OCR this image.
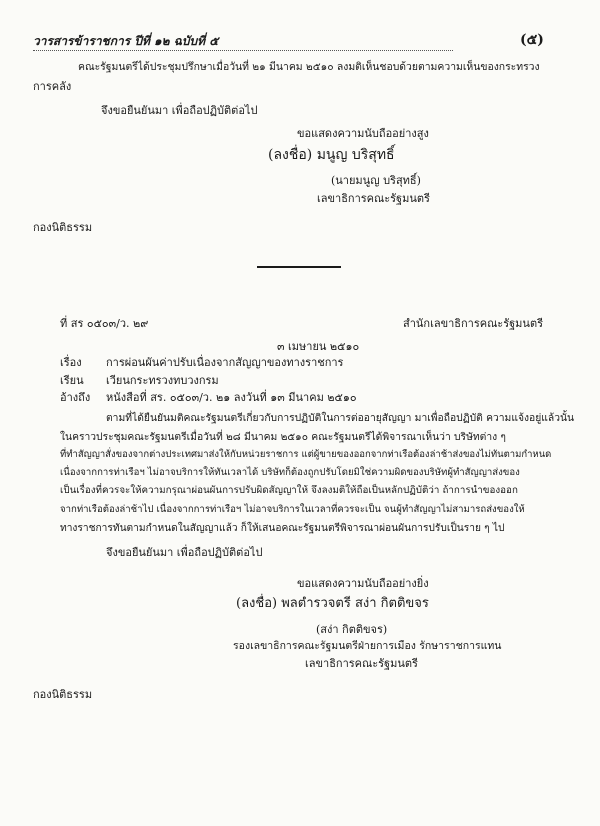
วารสารข้าราชการ ปีที่ ๑๒ ฉบับที่ ๕	(๕)
คณะรัฐมนตรีได้ประชุมปรึกษาเมื่อวันที่ ๒๑ มีนาคม ๒๕๑๐ ลงมติเห็นชอบด้วยตามความเห็นของกระทรวง
การคลัง
จึงขอยืนยันมา เพื่อถือปฏิบัติต่อไป
ขอแสดงความนับถืออย่างสูง
(ลงชื่อ) มนูญ บริสุทธิ์
(นายมนูญ บริสุทธิ์)
เลขาธิการคณะรัฐมนตรี
กองนิติธรรม
ที่ สร ๐๕๐๓/ว. ๒๙	สำนักเลขาธิการคณะรัฐมนตรี
๓ เมษายน ๒๕๑๐
เรื่อง การผ่อนผันค่าปรับเนื่องจากสัญญาของทางราชการ
เรียน เวียนกระทรวงทบวงกรม
อ้างถึง หนังสือที่ สร. ๐๕๐๓/ว. ๒๑ ลงวันที่ ๑๓ มีนาคม ๒๕๑๐
ตามที่ได้ยืนยันมติคณะรัฐมนตรีเกี่ยวกับการปฏิบัติในการต่ออายุสัญญา มาเพื่อถือปฏิบัติ ความแจ้งอยู่แล้วนั้น
ในคราวประชุมคณะรัฐมนตรีเมื่อวันที่ ๒๘ มีนาคม ๒๕๑๐ คณะรัฐมนตรีได้พิจารณาเห็นว่า บริษัทต่าง ๆ
ที่ทำสัญญาสั่งของจากต่างประเทศมาส่งให้กับหน่วยราชการ แต่ผู้ขายของออกจากท่าเรือต้องล่าช้าส่งของไม่ทันตามกำหนด
เนื่องจากการท่าเรือฯ ไม่อาจบริการให้ทันเวลาได้ บริษัทก็ต้องถูกปรับโดยมิใช่ความผิดของบริษัทผู้ทำสัญญาส่งของ
เป็นเรื่องที่ควรจะให้ความกรุณาผ่อนผันการปรับผิดสัญญาให้ จึงลงมติให้ถือเป็นหลักปฏิบัติว่า ถ้าการนำของออก
จากท่าเรือต้องล่าช้าไป เนื่องจากการท่าเรือฯ ไม่อาจบริการในเวลาที่ควรจะเป็น จนผู้ทำสัญญาไม่สามารถส่งของให้
ทางราชการทันตามกำหนดในสัญญาแล้ว ก็ให้เสนอคณะรัฐมนตรีพิจารณาผ่อนผันการปรับเป็นราย ๆ ไป
จึงขอยืนยันมา เพื่อถือปฏิบัติต่อไป
ขอแสดงความนับถืออย่างยิ่ง
(ลงชื่อ) พลตำรวจตรี สง่า กิตติขจร
(สง่า กิตติขจร)
รองเลขาธิการคณะรัฐมนตรีฝ่ายการเมือง รักษาราชการแทน
เลขาธิการคณะรัฐมนตรี
กองนิติธรรม
